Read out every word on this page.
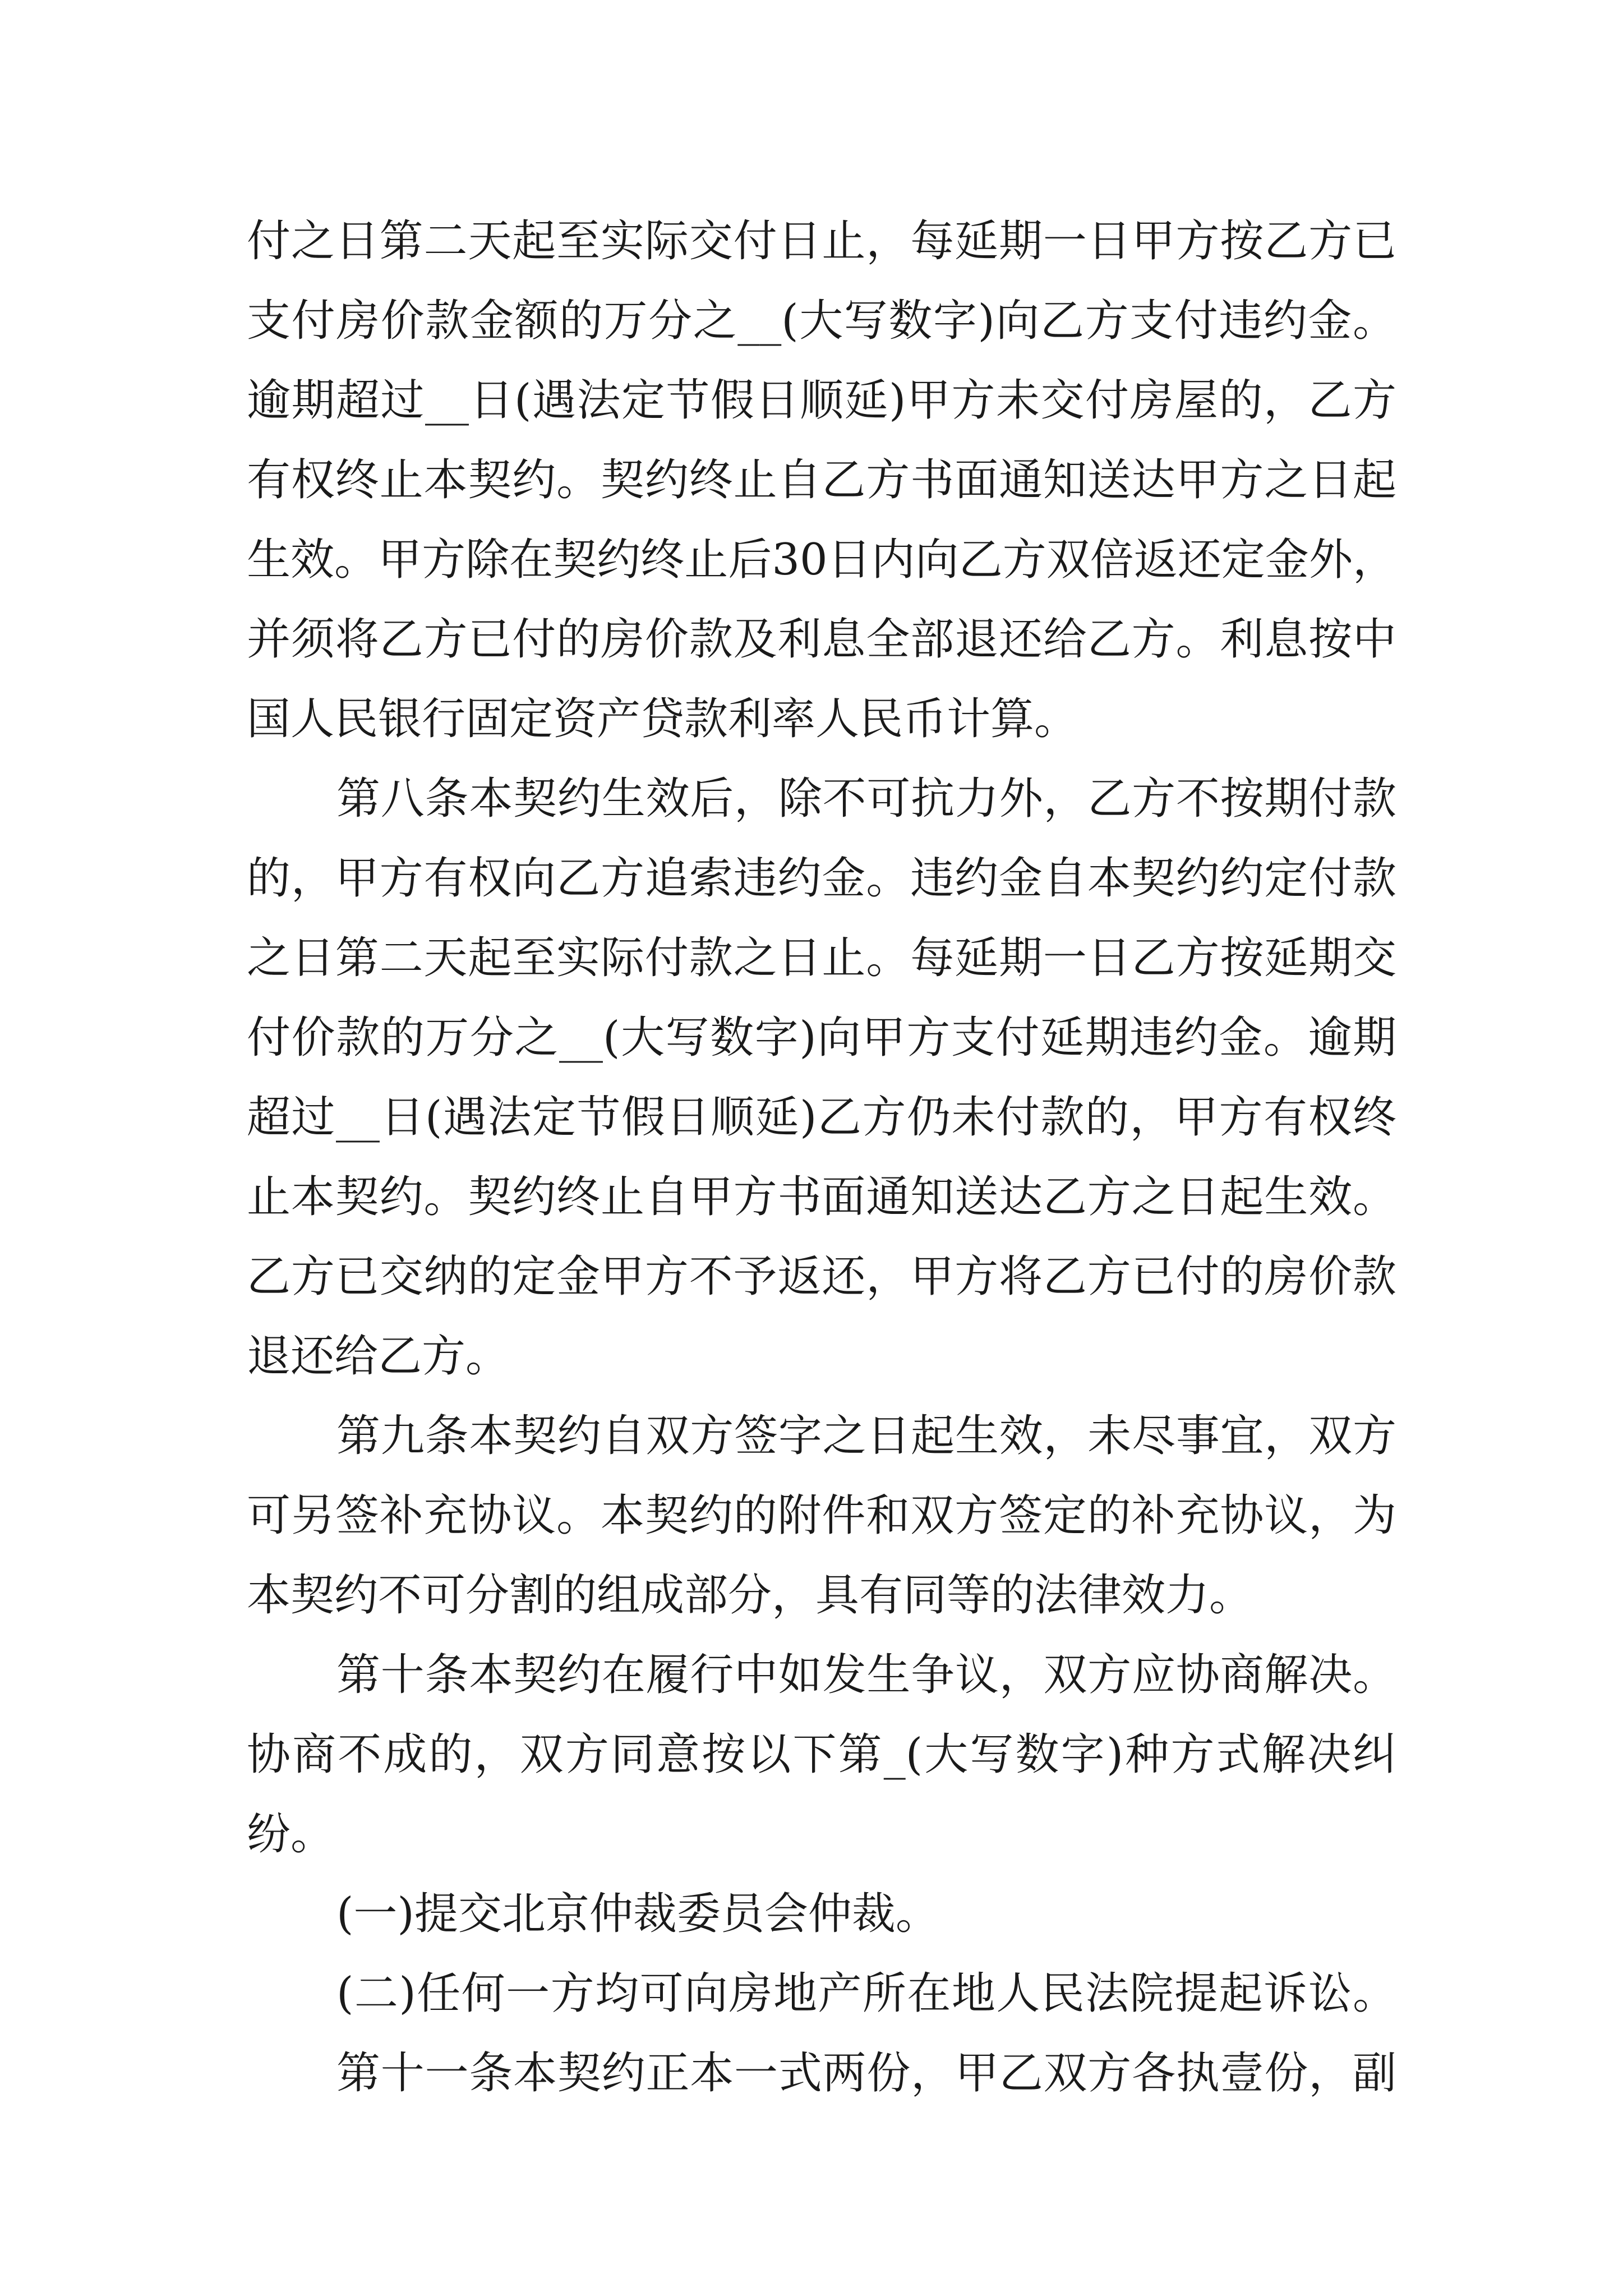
付之日第二天起至实际交付日止，每延期一日甲方按乙方已

支付房价款金额的万分之__(大写数字)向乙方支付违约金。

逾期超过__日(遇法定节假日顺延)甲方未交付房屋的，乙方

有权终止本契约。契约终止自乙方书面通知送达甲方之日起

生效。甲方除在契约终止后30日内向乙方双倍返还定金外，

并须将乙方已付的房价款及利息全部退还给乙方。利息按中

国人民银行固定资产贷款利率人民币计算。

第八条本契约生效后，除不可抗力外，乙方不按期付款

的，甲方有权向乙方追索违约金。违约金自本契约约定付款

之日第二天起至实际付款之日止。每延期一日乙方按延期交

付价款的万分之__(大写数字)向甲方支付延期违约金。逾期

超过__日(遇法定节假日顺延)乙方仍未付款的，甲方有权终

止本契约。契约终止自甲方书面通知送达乙方之日起生效。

乙方已交纳的定金甲方不予返还，甲方将乙方已付的房价款

退还给乙方。

第九条本契约自双方签字之日起生效，未尽事宜，双方

可另签补充协议。本契约的附件和双方签定的补充协议，为

本契约不可分割的组成部分，具有同等的法律效力。

第十条本契约在履行中如发生争议，双方应协商解决。

协商不成的，双方同意按以下第_(大写数字)种方式解决纠

纷。

(一)提交北京仲裁委员会仲裁。

(二)任何一方均可向房地产所在地人民法院提起诉讼。

第十一条本契约正本一式两份，甲乙双方各执壹份，副
